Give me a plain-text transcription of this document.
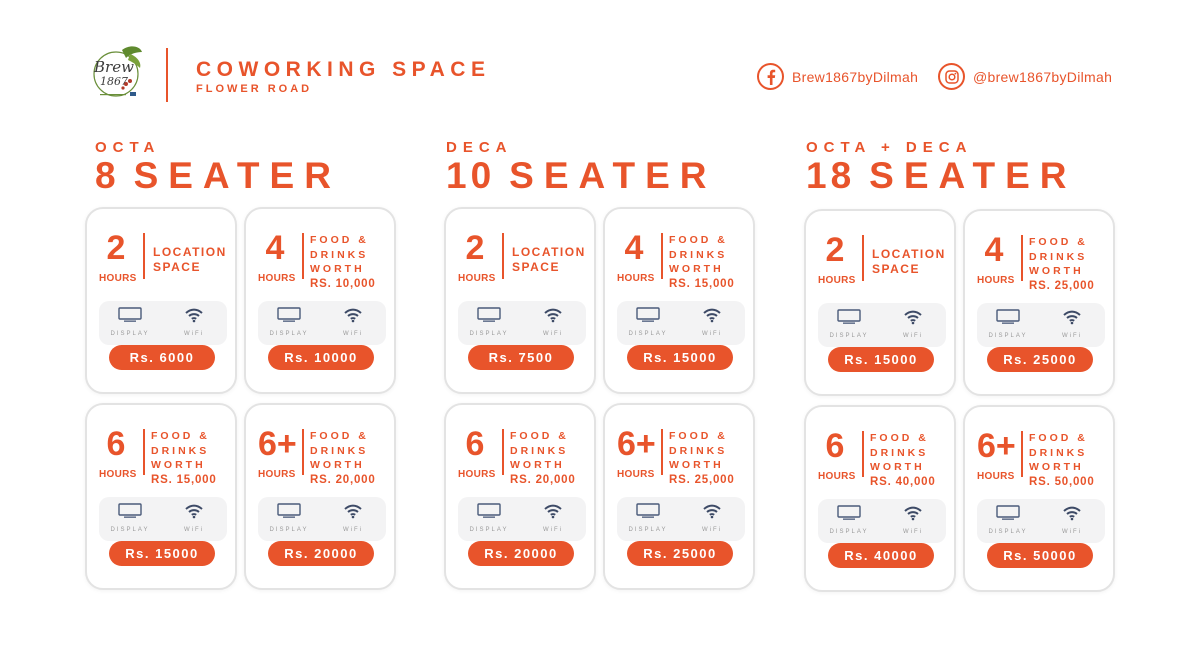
Brew
1867
COWORKING SPACE
FLOWER ROAD
Brew1867byDilmah	@brew1867byDilmah
OCTA
8 SEATER
DECA
10 SEATER
OCTA + DECA
18 SEATER
2
HOURS
LOCATION
SPACE
DISPLAY	WiFi
Rs. 6000
4
HOURS
FOOD &
DRINKS
WORTH
RS. 10,000
DISPLAY	WiFi
Rs. 10000
6
HOURS
FOOD &
DRINKS
WORTH
RS. 15,000
DISPLAY	WiFi
Rs. 15000
6+
HOURS
FOOD &
DRINKS
WORTH
RS. 20,000
DISPLAY	WiFi
Rs. 20000
2
HOURS
LOCATION
SPACE
DISPLAY	WiFi
Rs. 7500
4
HOURS
FOOD &
DRINKS
WORTH
RS. 15,000
DISPLAY	WiFi
Rs. 15000
6
HOURS
FOOD &
DRINKS
WORTH
RS. 20,000
DISPLAY	WiFi
Rs. 20000
6+
HOURS
FOOD &
DRINKS
WORTH
RS. 25,000
DISPLAY	WiFi
Rs. 25000
2
HOURS
LOCATION
SPACE
DISPLAY	WiFi
Rs. 15000
4
HOURS
FOOD &
DRINKS
WORTH
RS. 25,000
DISPLAY	WiFi
Rs. 25000
6
HOURS
FOOD &
DRINKS
WORTH
RS. 40,000
DISPLAY	WiFi
Rs. 40000
6+
HOURS
FOOD &
DRINKS
WORTH
RS. 50,000
DISPLAY	WiFi
Rs. 50000
